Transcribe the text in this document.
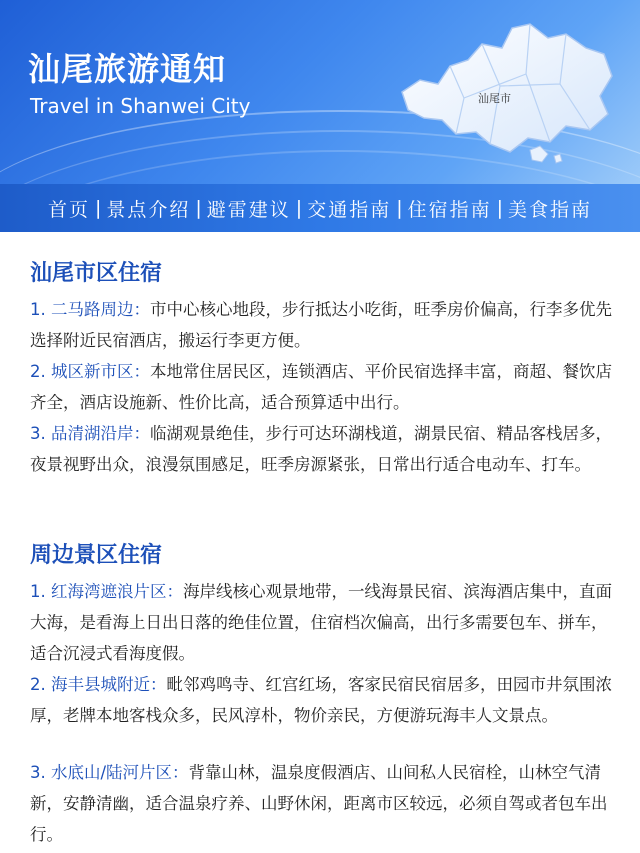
汕尾旅游通知
Travel in Shanwei City	汕尾市
首页 | 景点介绍 | 避雷建议 | 交通指南 | 住宿指南 | 美食指南
汕尾市区住宿
1. 二马路周边：市中心核心地段，步行抵达小吃街，旺季房价偏高，行李多优先选择附近民宿酒店，搬运行李更方便。
2. 城区新市区：本地常住居民区，连锁酒店、平价民宿选择丰富，商超、餐饮店齐全，酒店设施新、性价比高，适合预算适中出行。
3. 品清湖沿岸：临湖观景绝佳，步行可达环湖栈道，湖景民宿、精品客栈居多，夜景视野出众，浪漫氛围感足，旺季房源紧张，日常出行适合电动车、打车。
周边景区住宿
1. 红海湾遮浪片区：海岸线核心观景地带，一线海景民宿、滨海酒店集中，直面大海，是看海上日出日落的绝佳位置，住宿档次偏高，出行多需要包车、拼车，适合沉浸式看海度假。
2. 海丰县城附近：毗邻鸡鸣寺、红宫红场，客家民宿民宿居多，田园市井氛围浓厚，老牌本地客栈众多，民风淳朴，物价亲民，方便游玩海丰人文景点。
3. 水底山/陆河片区：背靠山林，温泉度假酒店、山间私人民宿栓，山林空气清新，安静清幽，适合温泉疗养、山野休闲，距离市区较远，必须自驾或者包车出行。
